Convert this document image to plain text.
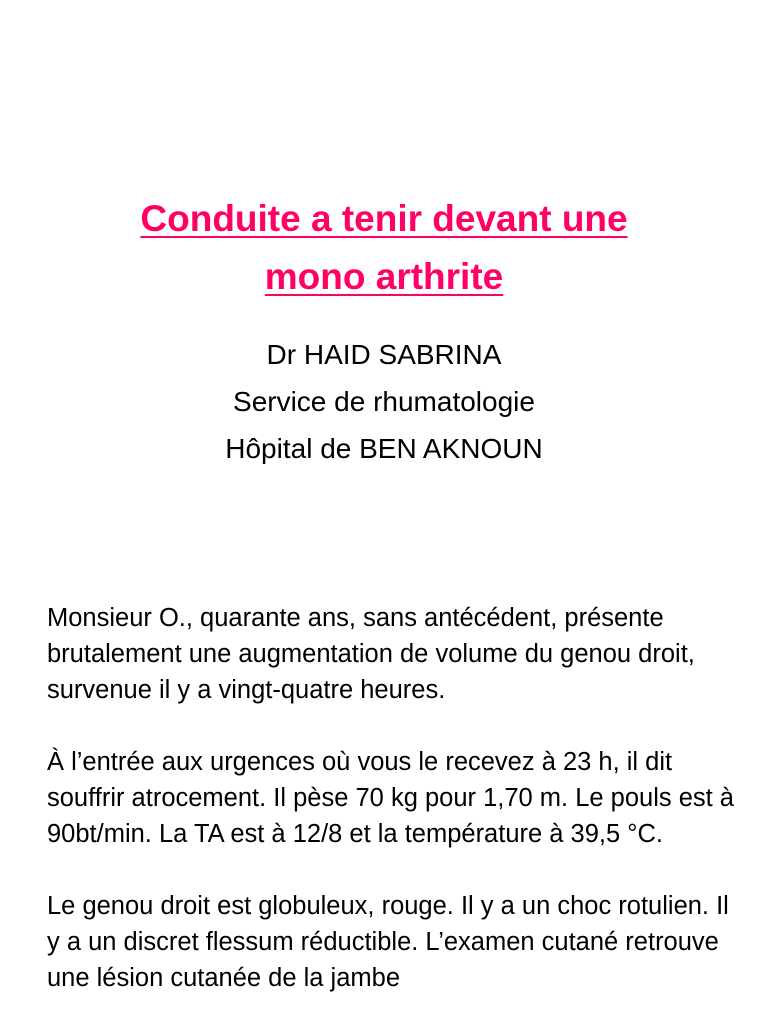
Conduite a tenir devant une
mono arthrite
Dr HAID SABRINA
Service de rhumatologie
Hôpital de BEN AKNOUN

Monsieur O., quarante ans, sans antécédent, présente brutalement une augmentation de volume du genou droit, survenue il y a vingt-quatre heures.

À l’entrée aux urgences où vous le recevez à 23 h, il dit souffrir atrocement. Il pèse 70 kg pour 1,70 m. Le pouls est à 90bt/min. La TA est à 12/8 et la température à 39,5 °C.

Le genou droit est globuleux, rouge. Il y a un choc rotulien. Il y a un discret flessum réductible. L’examen cutané retrouve une lésion cutanée de la jambe
